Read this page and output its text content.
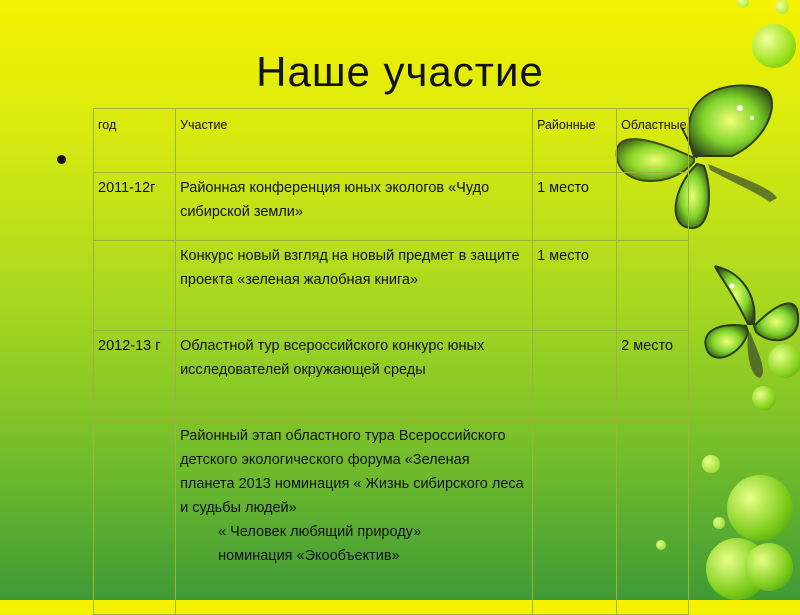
Наше участие
год	Участие	Районные	Областные
2011-12г	Районная конференция юных экологов «Чудо сибирской земли»	1 место	
	Конкурс новый взгляд на новый предмет в защите проекта «зеленая жалобная книга»	1 место	
2012-13 г	Областной тур всероссийского конкурс юных исследователей окружающей среды		2 место
	Районный этап областного тура Всероссийского детского экологического форума «Зеленая планета 2013 номинация « Жизнь сибирского леса и судьбы людей»
« Человек любящий природу»
номинация «Экообъектив»		
